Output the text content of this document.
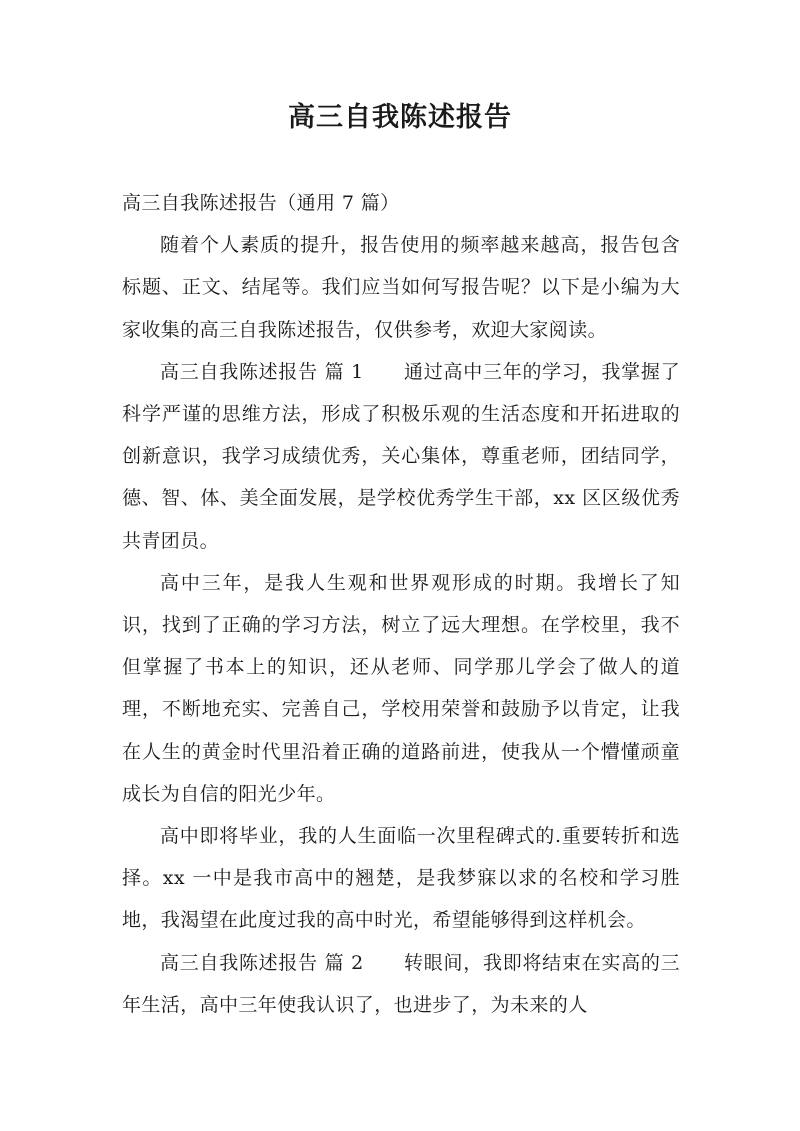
高三自我陈述报告

高三自我陈述报告（通用 7 篇）

随着个人素质的提升，报告使用的频率越来越高，报告包含标题、正文、结尾等。我们应当如何写报告呢？以下是小编为大家收集的高三自我陈述报告，仅供参考，欢迎大家阅读。

高三自我陈述报告 篇 1 通过高中三年的学习，我掌握了科学严谨的思维方法，形成了积极乐观的生活态度和开拓进取的创新意识，我学习成绩优秀，关心集体，尊重老师，团结同学，德、智、体、美全面发展，是学校优秀学生干部，xx 区区级优秀共青团员。

高中三年，是我人生观和世界观形成的时期。我增长了知识，找到了正确的学习方法，树立了远大理想。在学校里，我不但掌握了书本上的知识，还从老师、同学那儿学会了做人的道理，不断地充实、完善自己，学校用荣誉和鼓励予以肯定，让我在人生的黄金时代里沿着正确的道路前进，使我从一个懵懂顽童成长为自信的阳光少年。

高中即将毕业，我的人生面临一次里程碑式的.重要转折和选择。xx 一中是我市高中的翘楚，是我梦寐以求的名校和学习胜地，我渴望在此度过我的高中时光，希望能够得到这样机会。

高三自我陈述报告 篇 2 转眼间，我即将结束在实高的三年生活，高中三年使我认识了，也进步了，为未来的人
